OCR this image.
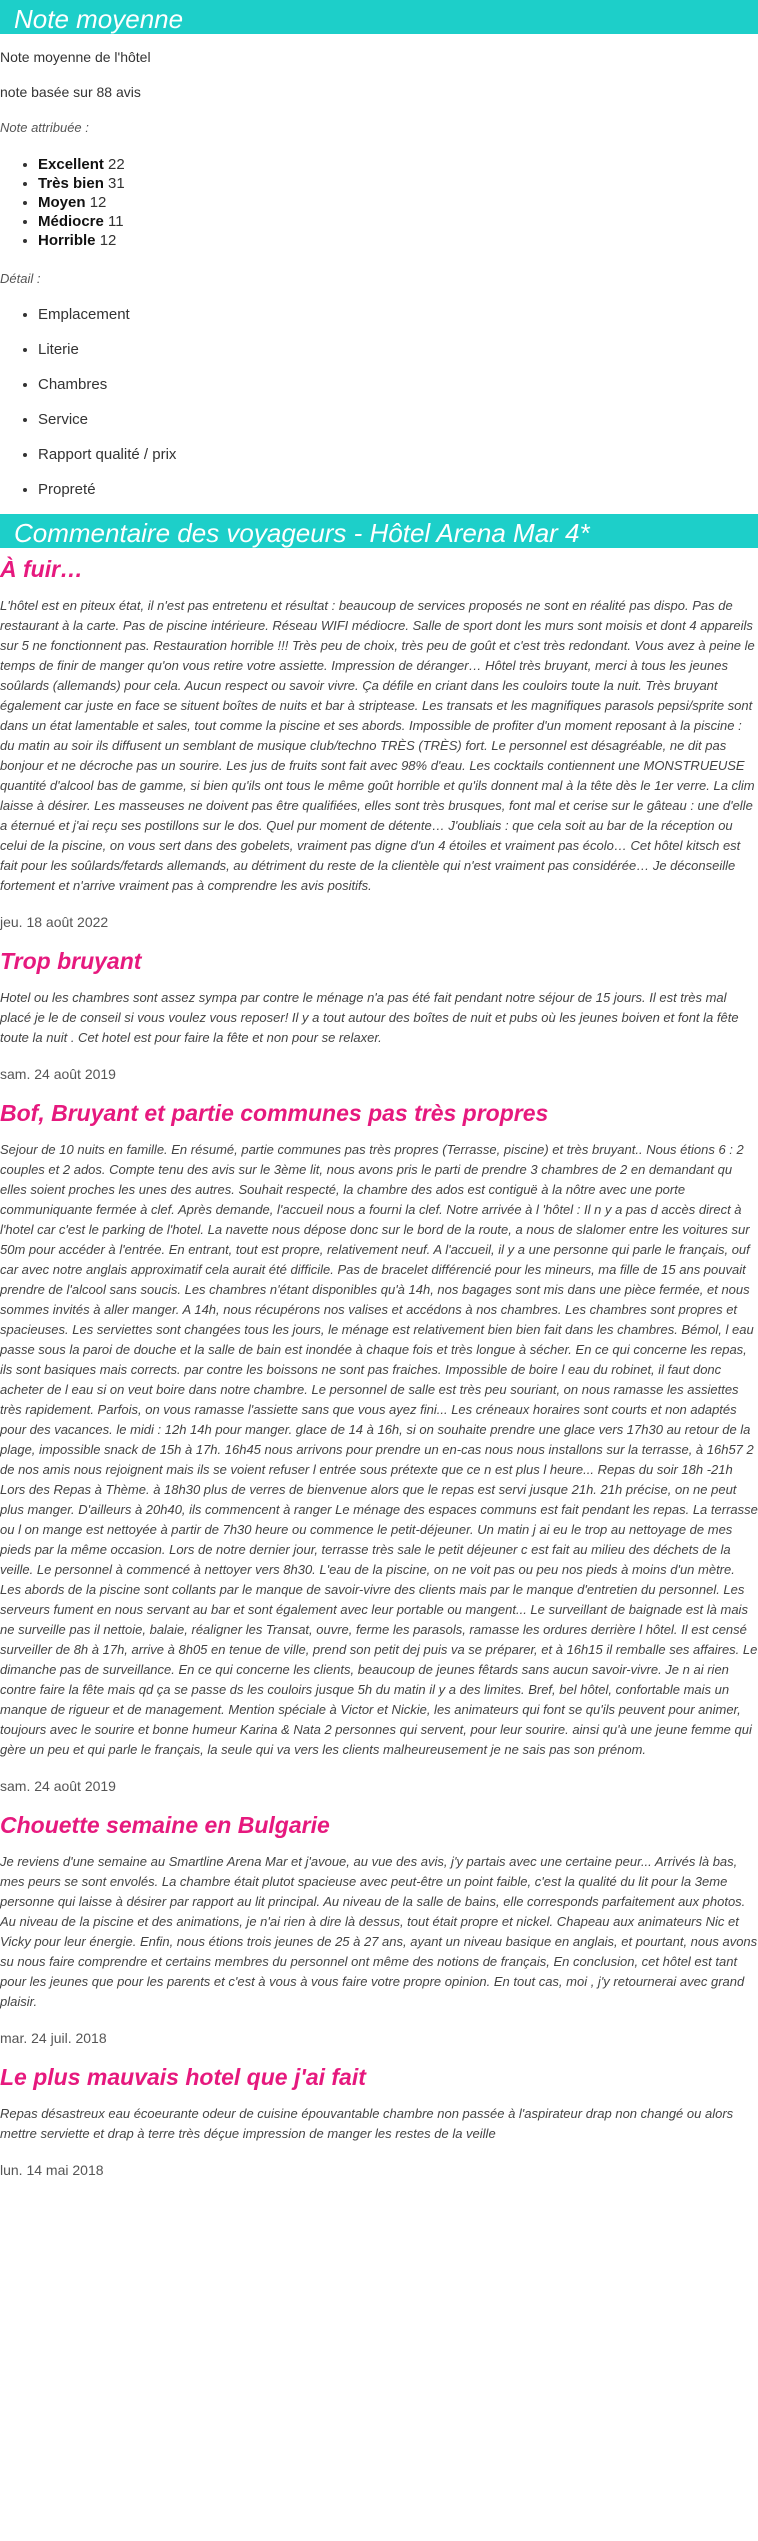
Note moyenne

Note moyenne de l'hôtel

note basée sur 88 avis

Note attribuée :

• Excellent 22
• Très bien 31
• Moyen 12
• Médiocre 11
• Horrible 12

Détail :

• Emplacement
• Literie
• Chambres
• Service
• Rapport qualité / prix
• Propreté
Commentaire des voyageurs - Hôtel Arena Mar 4*
À fuir…

L'hôtel est en piteux état, il n'est pas entretenu et résultat : beaucoup de services proposés ne sont en réalité pas dispo. Pas de restaurant à la carte. Pas de piscine intérieure. Réseau WIFI médiocre. Salle de sport dont les murs sont moisis et dont 4 appareils sur 5 ne fonctionnent pas. Restauration horrible !!! Très peu de choix, très peu de goût et c'est très redondant. Vous avez à peine le temps de finir de manger qu'on vous retire votre assiette. Impression de déranger… Hôtel très bruyant, merci à tous les jeunes soûlards (allemands) pour cela. Aucun respect ou savoir vivre. Ça défile en criant dans les couloirs toute la nuit. Très bruyant également car juste en face se situent boîtes de nuits et bar à striptease. Les transats et les magnifiques parasols pepsi/sprite sont dans un état lamentable et sales, tout comme la piscine et ses abords. Impossible de profiter d'un moment reposant à la piscine : du matin au soir ils diffusent un semblant de musique club/techno TRÈS (TRÈS) fort. Le personnel est désagréable, ne dit pas bonjour et ne décroche pas un sourire. Les jus de fruits sont fait avec 98% d'eau. Les cocktails contiennent une MONSTRUEUSE quantité d'alcool bas de gamme, si bien qu'ils ont tous le même goût horrible et qu'ils donnent mal à la tête dès le 1er verre. La clim laisse à désirer. Les masseuses ne doivent pas être qualifiées, elles sont très brusques, font mal et cerise sur le gâteau : une d'elle a éternué et j'ai reçu ses postillons sur le dos. Quel pur moment de détente… J'oubliais : que cela soit au bar de la réception ou celui de la piscine, on vous sert dans des gobelets, vraiment pas digne d'un 4 étoiles et vraiment pas écolo… Cet hôtel kitsch est fait pour les soûlards/fetards allemands, au détriment du reste de la clientèle qui n'est vraiment pas considérée… Je déconseille fortement et n'arrive vraiment pas à comprendre les avis positifs.

jeu. 18 août 2022

Trop bruyant

Hotel ou les chambres sont assez sympa par contre le ménage n'a pas été fait pendant notre séjour de 15 jours. Il est très mal placé je le de conseil si vous voulez vous reposer! Il y a tout autour des boîtes de nuit et pubs où les jeunes boiven et font la fête toute la nuit . Cet hotel est pour faire la fête et non pour se relaxer.

sam. 24 août 2019

Bof, Bruyant et partie communes pas très propres

Sejour de 10 nuits en famille. En résumé, partie communes pas très propres (Terrasse, piscine) et très bruyant.. Nous étions 6 : 2 couples et 2 ados. Compte tenu des avis sur le 3ème lit, nous avons pris le parti de prendre 3 chambres de 2 en demandant qu elles soient proches les unes des autres. Souhait respecté, la chambre des ados est contiguë à la nôtre avec une porte communiquante fermée à clef. Après demande, l'accueil nous a fourni la clef. Notre arrivée à l 'hôtel : Il n y a pas d accès direct à l'hotel car c'est le parking de l'hotel. La navette nous dépose donc sur le bord de la route, a nous de slalomer entre les voitures sur 50m pour accéder à l'entrée. En entrant, tout est propre, relativement neuf. A l'accueil, il y a une personne qui parle le français, ouf car avec notre anglais approximatif cela aurait été difficile. Pas de bracelet différencié pour les mineurs, ma fille de 15 ans pouvait prendre de l'alcool sans soucis. Les chambres n'étant disponibles qu'à 14h, nos bagages sont mis dans une pièce fermée, et nous sommes invités à aller manger. A 14h, nous récupérons nos valises et accédons à nos chambres. Les chambres sont propres et spacieuses. Les serviettes sont changées tous les jours, le ménage est relativement bien bien fait dans les chambres. Bémol, l eau passe sous la paroi de douche et la salle de bain est inondée à chaque fois et très longue à sécher. En ce qui concerne les repas, ils sont basiques mais corrects. par contre les boissons ne sont pas fraiches. Impossible de boire l eau du robinet, il faut donc acheter de l eau si on veut boire dans notre chambre. Le personnel de salle est très peu souriant, on nous ramasse les assiettes très rapidement. Parfois, on vous ramasse l'assiette sans que vous ayez fini... Les créneaux horaires sont courts et non adaptés pour des vacances. le midi : 12h 14h pour manger. glace de 14 à 16h, si on souhaite prendre une glace vers 17h30 au retour de la plage, impossible snack de 15h à 17h. 16h45 nous arrivons pour prendre un en-cas nous nous installons sur la terrasse, à 16h57 2 de nos amis nous rejoignent mais ils se voient refuser l entrée sous prétexte que ce n est plus l heure... Repas du soir 18h -21h Lors des Repas à Thème. à 18h30 plus de verres de bienvenue alors que le repas est servi jusque 21h. 21h précise, on ne peut plus manger. D'ailleurs à 20h40, ils commencent à ranger Le ménage des espaces communs est fait pendant les repas. La terrasse ou l on mange est nettoyée à partir de 7h30 heure ou commence le petit-déjeuner. Un matin j ai eu le trop au nettoyage de mes pieds par la même occasion. Lors de notre dernier jour, terrasse très sale le petit déjeuner c est fait au milieu des déchets de la veille. Le personnel à commencé à nettoyer vers 8h30. L'eau de la piscine, on ne voit pas ou peu nos pieds à moins d'un mètre. Les abords de la piscine sont collants par le manque de savoir-vivre des clients mais par le manque d'entretien du personnel. Les serveurs fument en nous servant au bar et sont également avec leur portable ou mangent... Le surveillant de baignade est là mais ne surveille pas il nettoie, balaie, réaligner les Transat, ouvre, ferme les parasols, ramasse les ordures derrière l hôtel. Il est censé surveiller de 8h à 17h, arrive à 8h05 en tenue de ville, prend son petit dej puis va se préparer, et à 16h15 il remballe ses affaires. Le dimanche pas de surveillance. En ce qui concerne les clients, beaucoup de jeunes fêtards sans aucun savoir-vivre. Je n ai rien contre faire la fête mais qd ça se passe ds les couloirs jusque 5h du matin il y a des limites. Bref, bel hôtel, confortable mais un manque de rigueur et de management. Mention spéciale à Victor et Nickie, les animateurs qui font se qu'ils peuvent pour animer, toujours avec le sourire et bonne humeur Karina & Nata 2 personnes qui servent, pour leur sourire. ainsi qu'à une jeune femme qui gère un peu et qui parle le français, la seule qui va vers les clients malheureusement je ne sais pas son prénom.

sam. 24 août 2019

Chouette semaine en Bulgarie

Je reviens d'une semaine au Smartline Arena Mar et j'avoue, au vue des avis, j'y partais avec une certaine peur... Arrivés là bas, mes peurs se sont envolés. La chambre était plutot spacieuse avec peut-être un point faible, c'est la qualité du lit pour la 3eme personne qui laisse à désirer par rapport au lit principal. Au niveau de la salle de bains, elle corresponds parfaitement aux photos. Au niveau de la piscine et des animations, je n'ai rien à dire là dessus, tout était propre et nickel. Chapeau aux animateurs Nic et Vicky pour leur énergie. Enfin, nous étions trois jeunes de 25 à 27 ans, ayant un niveau basique en anglais, et pourtant, nous avons su nous faire comprendre et certains membres du personnel ont même des notions de français, En conclusion, cet hôtel est tant pour les jeunes que pour les parents et c'est à vous à vous faire votre propre opinion. En tout cas, moi , j'y retournerai avec grand plaisir.

mar. 24 juil. 2018

Le plus mauvais hotel que j'ai fait

Repas désastreux eau écoeurante odeur de cuisine épouvantable chambre non passée à l'aspirateur drap non changé ou alors mettre serviette et drap à terre très déçue impression de manger les restes de la veille

lun. 14 mai 2018
